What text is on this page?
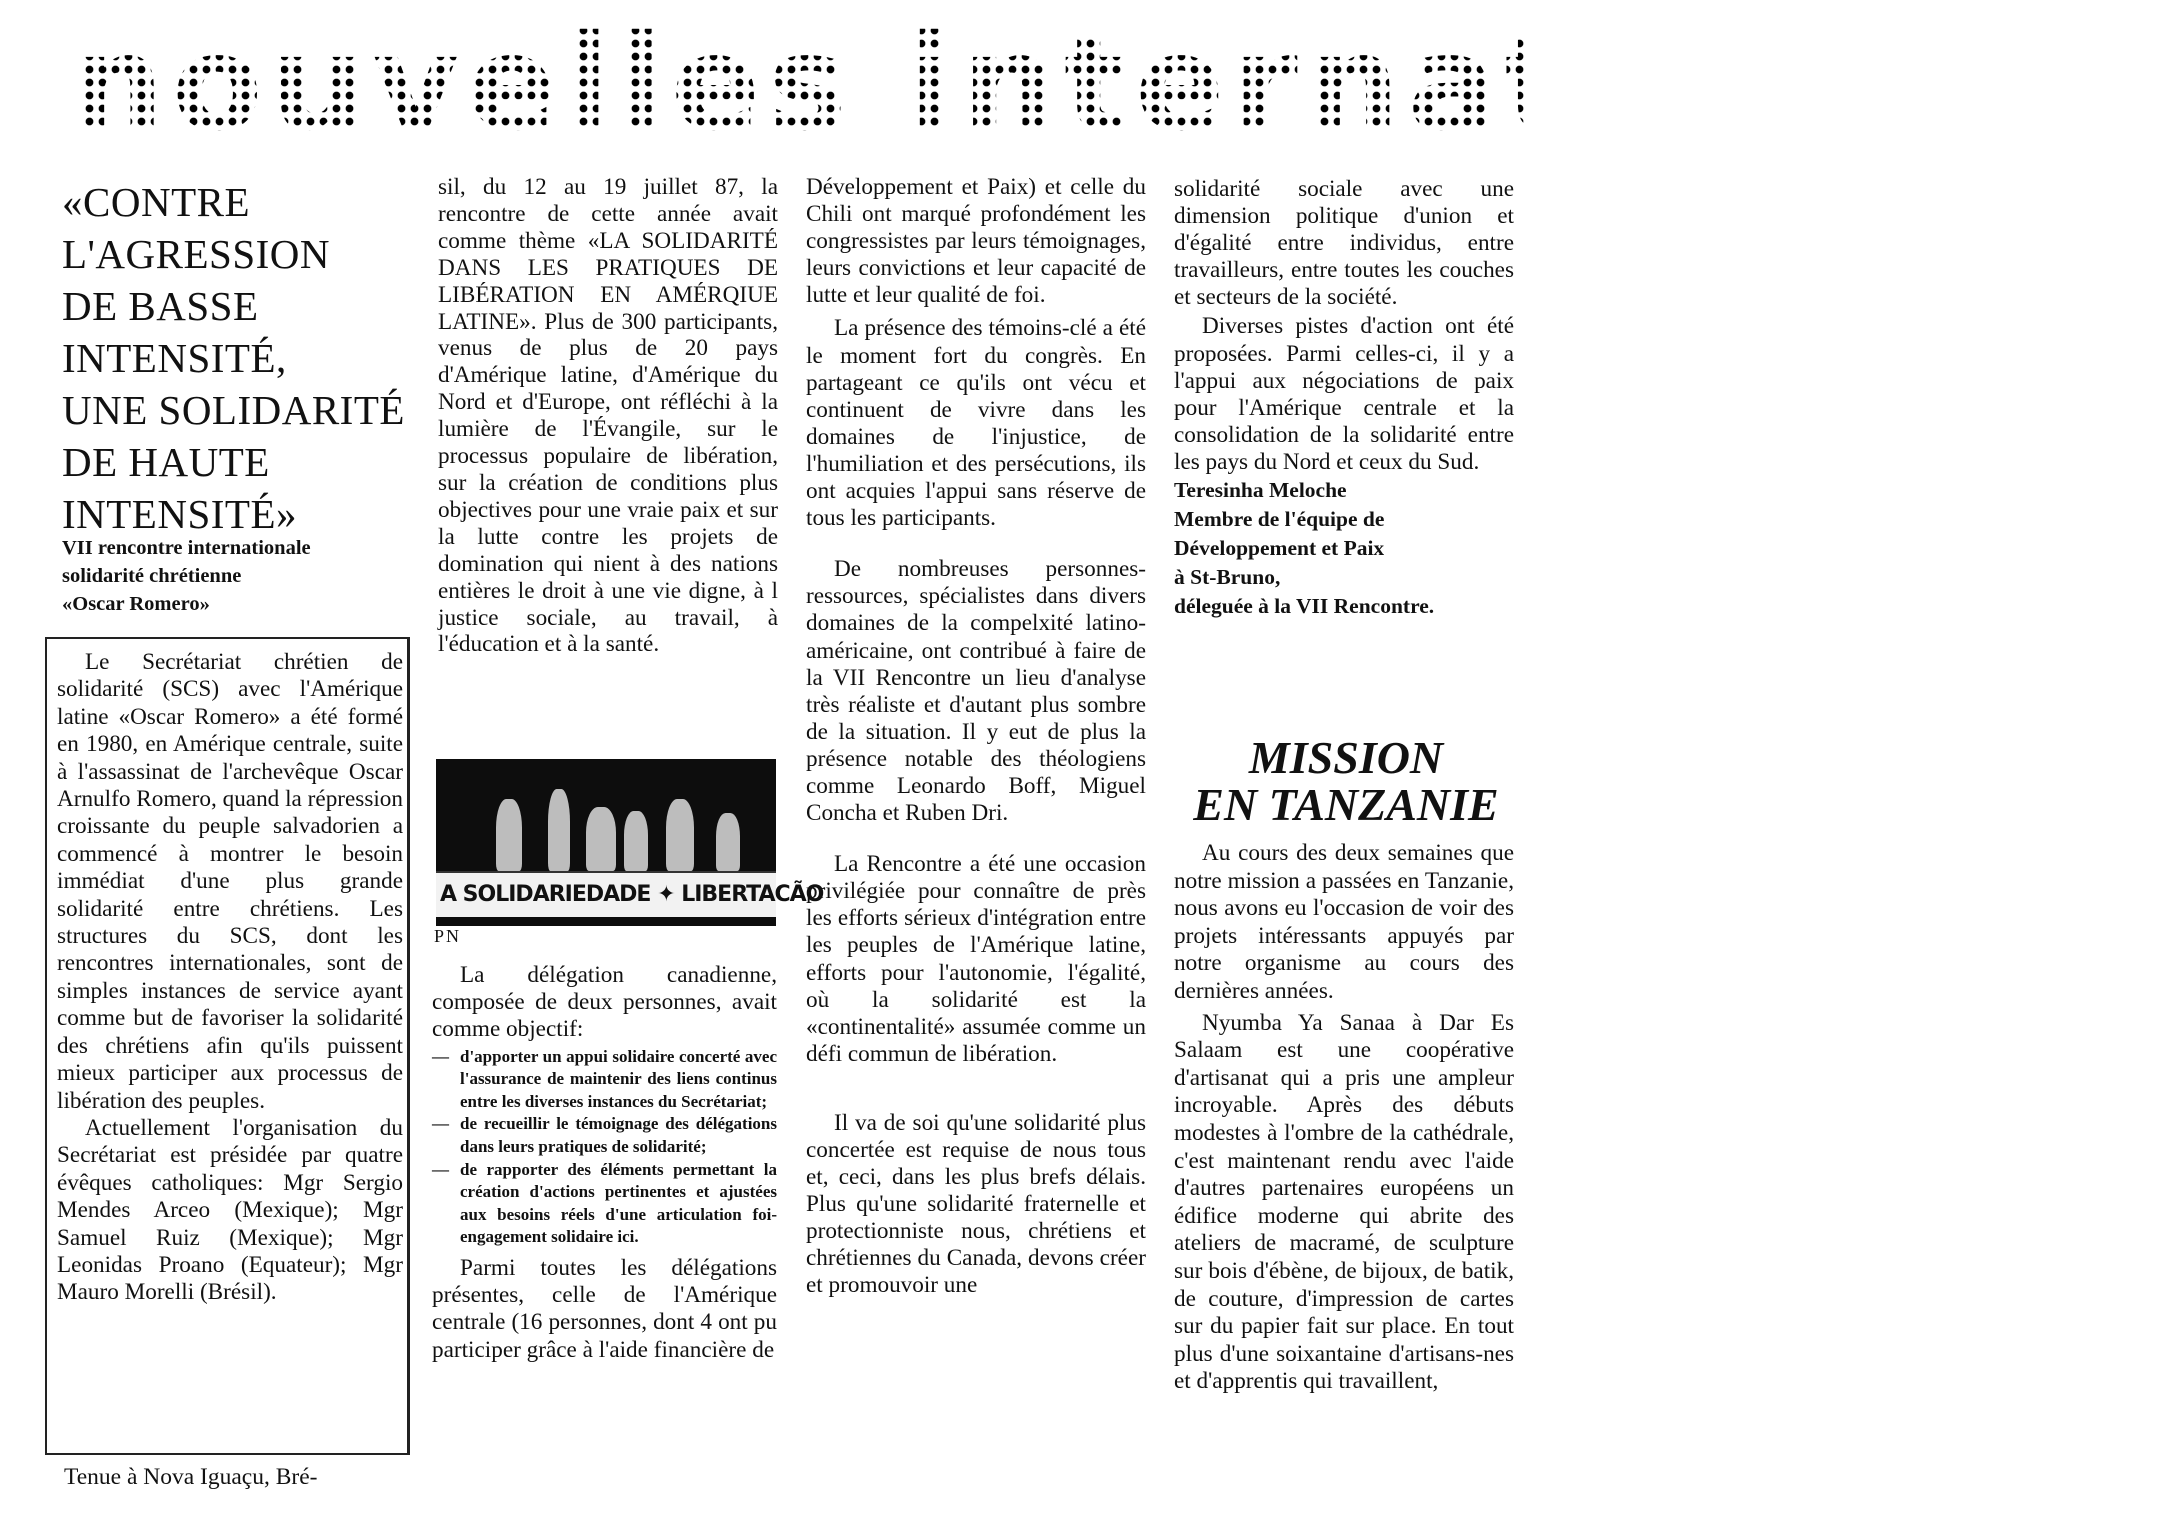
nouvelles internationales
«CONTRE
L'AGRESSION
DE BASSE
INTENSITÉ,
UNE SOLIDARITÉ
DE HAUTE
INTENSITÉ»
VII rencontre internationale
solidarité chrétienne
«Oscar Romero»

Le Secrétariat chrétien de solidarité (SCS) avec l'Amérique latine «Oscar Romero» a été formé en 1980, en Amérique centrale, suite à l'assassinat de l'archevêque Oscar Arnulfo Romero, quand la répression croissante du peuple salvadorien a commencé à montrer le besoin immédiat d'une plus grande solidarité entre chrétiens. Les structures du SCS, dont les rencontres internationales, sont de simples instances de service ayant comme but de favoriser la solidarité des chrétiens afin qu'ils puissent mieux participer aux processus de libération des peuples.

Actuellement l'organisation du Secrétariat est présidée par quatre évêques catholiques: Mgr Sergio Mendes Arceo (Mexique); Mgr Samuel Ruiz (Mexique); Mgr Leonidas Proano (Equateur); Mgr Mauro Morelli (Brésil).

Tenue à Nova Iguaçu, Bré-

sil, du 12 au 19 juillet 87, la rencontre de cette année avait comme thème «LA SOLIDARITÉ DANS LES PRATIQUES DE LIBÉRATION EN AMÉRQIUE LATINE». Plus de 300 participants, venus de plus de 20 pays d'Amérique latine, d'Amérique du Nord et d'Europe, ont réfléchi à la lumière de l'Évangile, sur le processus populaire de libération, sur la création de conditions plus objectives pour une vraie paix et sur la lutte contre les projets de domination qui nient à des nations entières le droit à une vie digne, à l justice sociale, au travail, à l'éducation et à la santé.

A SOLIDARIEDADE ✦ LIBERTACÃO
PN

La délégation canadienne, composée de deux personnes, avait comme objectif:

— d'apporter un appui solidaire concerté avec l'assurance de maintenir des liens continus entre les diverses instances du Secrétariat;
— de recueillir le témoignage des délégations dans leurs pratiques de solidarité;
— de rapporter des éléments permettant la création d'actions pertinentes et ajustées aux besoins réels d'une articulation foi-engagement solidaire ici.

Parmi toutes les délégations présentes, celle de l'Amérique centrale (16 personnes, dont 4 ont pu participer grâce à l'aide financière de

Développement et Paix) et celle du Chili ont marqué profondément les congressistes par leurs témoignages, leurs convictions et leur capacité de lutte et leur qualité de foi.

La présence des témoins-clé a été le moment fort du congrès. En partageant ce qu'ils ont vécu et continuent de vivre dans les domaines de l'injustice, de l'humiliation et des persécutions, ils ont acquies l'appui sans réserve de tous les participants.

De nombreuses personnes-ressources, spécialistes dans divers domaines de la compelxité latino-américaine, ont contribué à faire de la VII Rencontre un lieu d'analyse très réaliste et d'autant plus sombre de la situation. Il y eut de plus la présence notable des théologiens comme Leonardo Boff, Miguel Concha et Ruben Dri.

La Rencontre a été une occasion privilégiée pour connaître de près les efforts sérieux d'intégration entre les peuples de l'Amérique latine, efforts pour l'autonomie, l'égalité, où la solidarité est la «continentalité» assumée comme un défi commun de libération.

Il va de soi qu'une solidarité plus concertée est requise de nous tous et, ceci, dans les plus brefs délais. Plus qu'une solidarité fraternelle et protectionniste nous, chrétiens et chrétiennes du Canada, devons créer et promouvoir une

solidarité sociale avec une dimension politique d'union et d'égalité entre individus, entre travailleurs, entre toutes les couches et secteurs de la société.

Diverses pistes d'action ont été proposées. Parmi celles-ci, il y a l'appui aux négociations de paix pour l'Amérique centrale et la consolidation de la solidarité entre les pays du Nord et ceux du Sud.

Teresinha Meloche
Membre de l'équipe de
Développement et Paix
à St-Bruno,
déleguée à la VII Rencontre.
MISSION
EN TANZANIE

Au cours des deux semaines que notre mission a passées en Tanzanie, nous avons eu l'occasion de voir des projets intéressants appuyés par notre organisme au cours des dernières années.

Nyumba Ya Sanaa à Dar Es Salaam est une coopérative d'artisanat qui a pris une ampleur incroyable. Après des débuts modestes à l'ombre de la cathédrale, c'est maintenant rendu avec l'aide d'autres partenaires européens un édifice moderne qui abrite des ateliers de macramé, de sculpture sur bois d'ébène, de bijoux, de batik, de couture, d'impression de cartes sur du papier fait sur place. En tout plus d'une soixantaine d'artisans-nes et d'apprentis qui travaillent,
